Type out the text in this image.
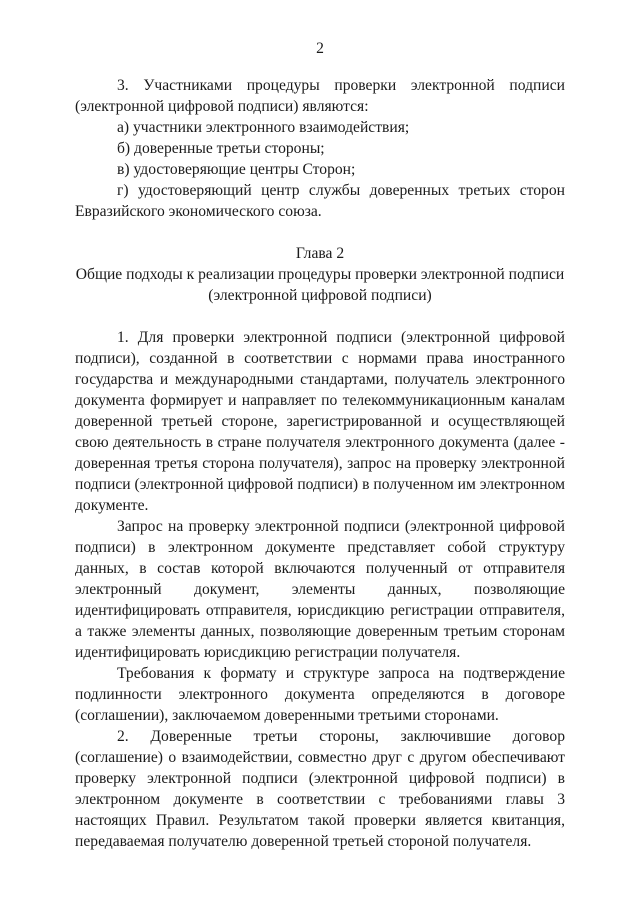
2

3. Участниками процедуры проверки электронной подписи (электронной цифровой подписи) являются:

а) участники электронного взаимодействия;

б) доверенные третьи стороны;

в) удостоверяющие центры Сторон;

г) удостоверяющий центр службы доверенных третьих сторон Евразийского экономического союза.

Глава 2

Общие подходы к реализации процедуры проверки электронной подписи

(электронной цифровой подписи)

1. Для проверки электронной подписи (электронной цифровой подписи), созданной в соответствии с нормами права иностранного государства и международными стандартами, получатель электронного документа формирует и направляет по телекоммуникационным каналам доверенной третьей стороне, зарегистрированной и осуществляющей свою деятельность в стране получателя электронного документа (далее - доверенная третья сторона получателя), запрос на проверку электронной подписи (электронной цифровой подписи) в полученном им электронном документе.

Запрос на проверку электронной подписи (электронной цифровой подписи) в электронном документе представляет собой структуру данных, в состав которой включаются полученный от отправителя электронный документ, элементы данных, позволяющие идентифицировать отправителя, юрисдикцию регистрации отправителя, а также элементы данных, позволяющие доверенным третьим сторонам идентифицировать юрисдикцию регистрации получателя.

Требования к формату и структуре запроса на подтверждение подлинности электронного документа определяются в договоре (соглашении), заключаемом доверенными третьими сторонами.

2. Доверенные третьи стороны, заключившие договор (соглашение) о взаимодействии, совместно друг с другом обеспечивают проверку электронной подписи (электронной цифровой подписи) в электронном документе в соответствии с требованиями главы 3 настоящих Правил. Результатом такой проверки является квитанция, передаваемая получателю доверенной третьей стороной получателя.
